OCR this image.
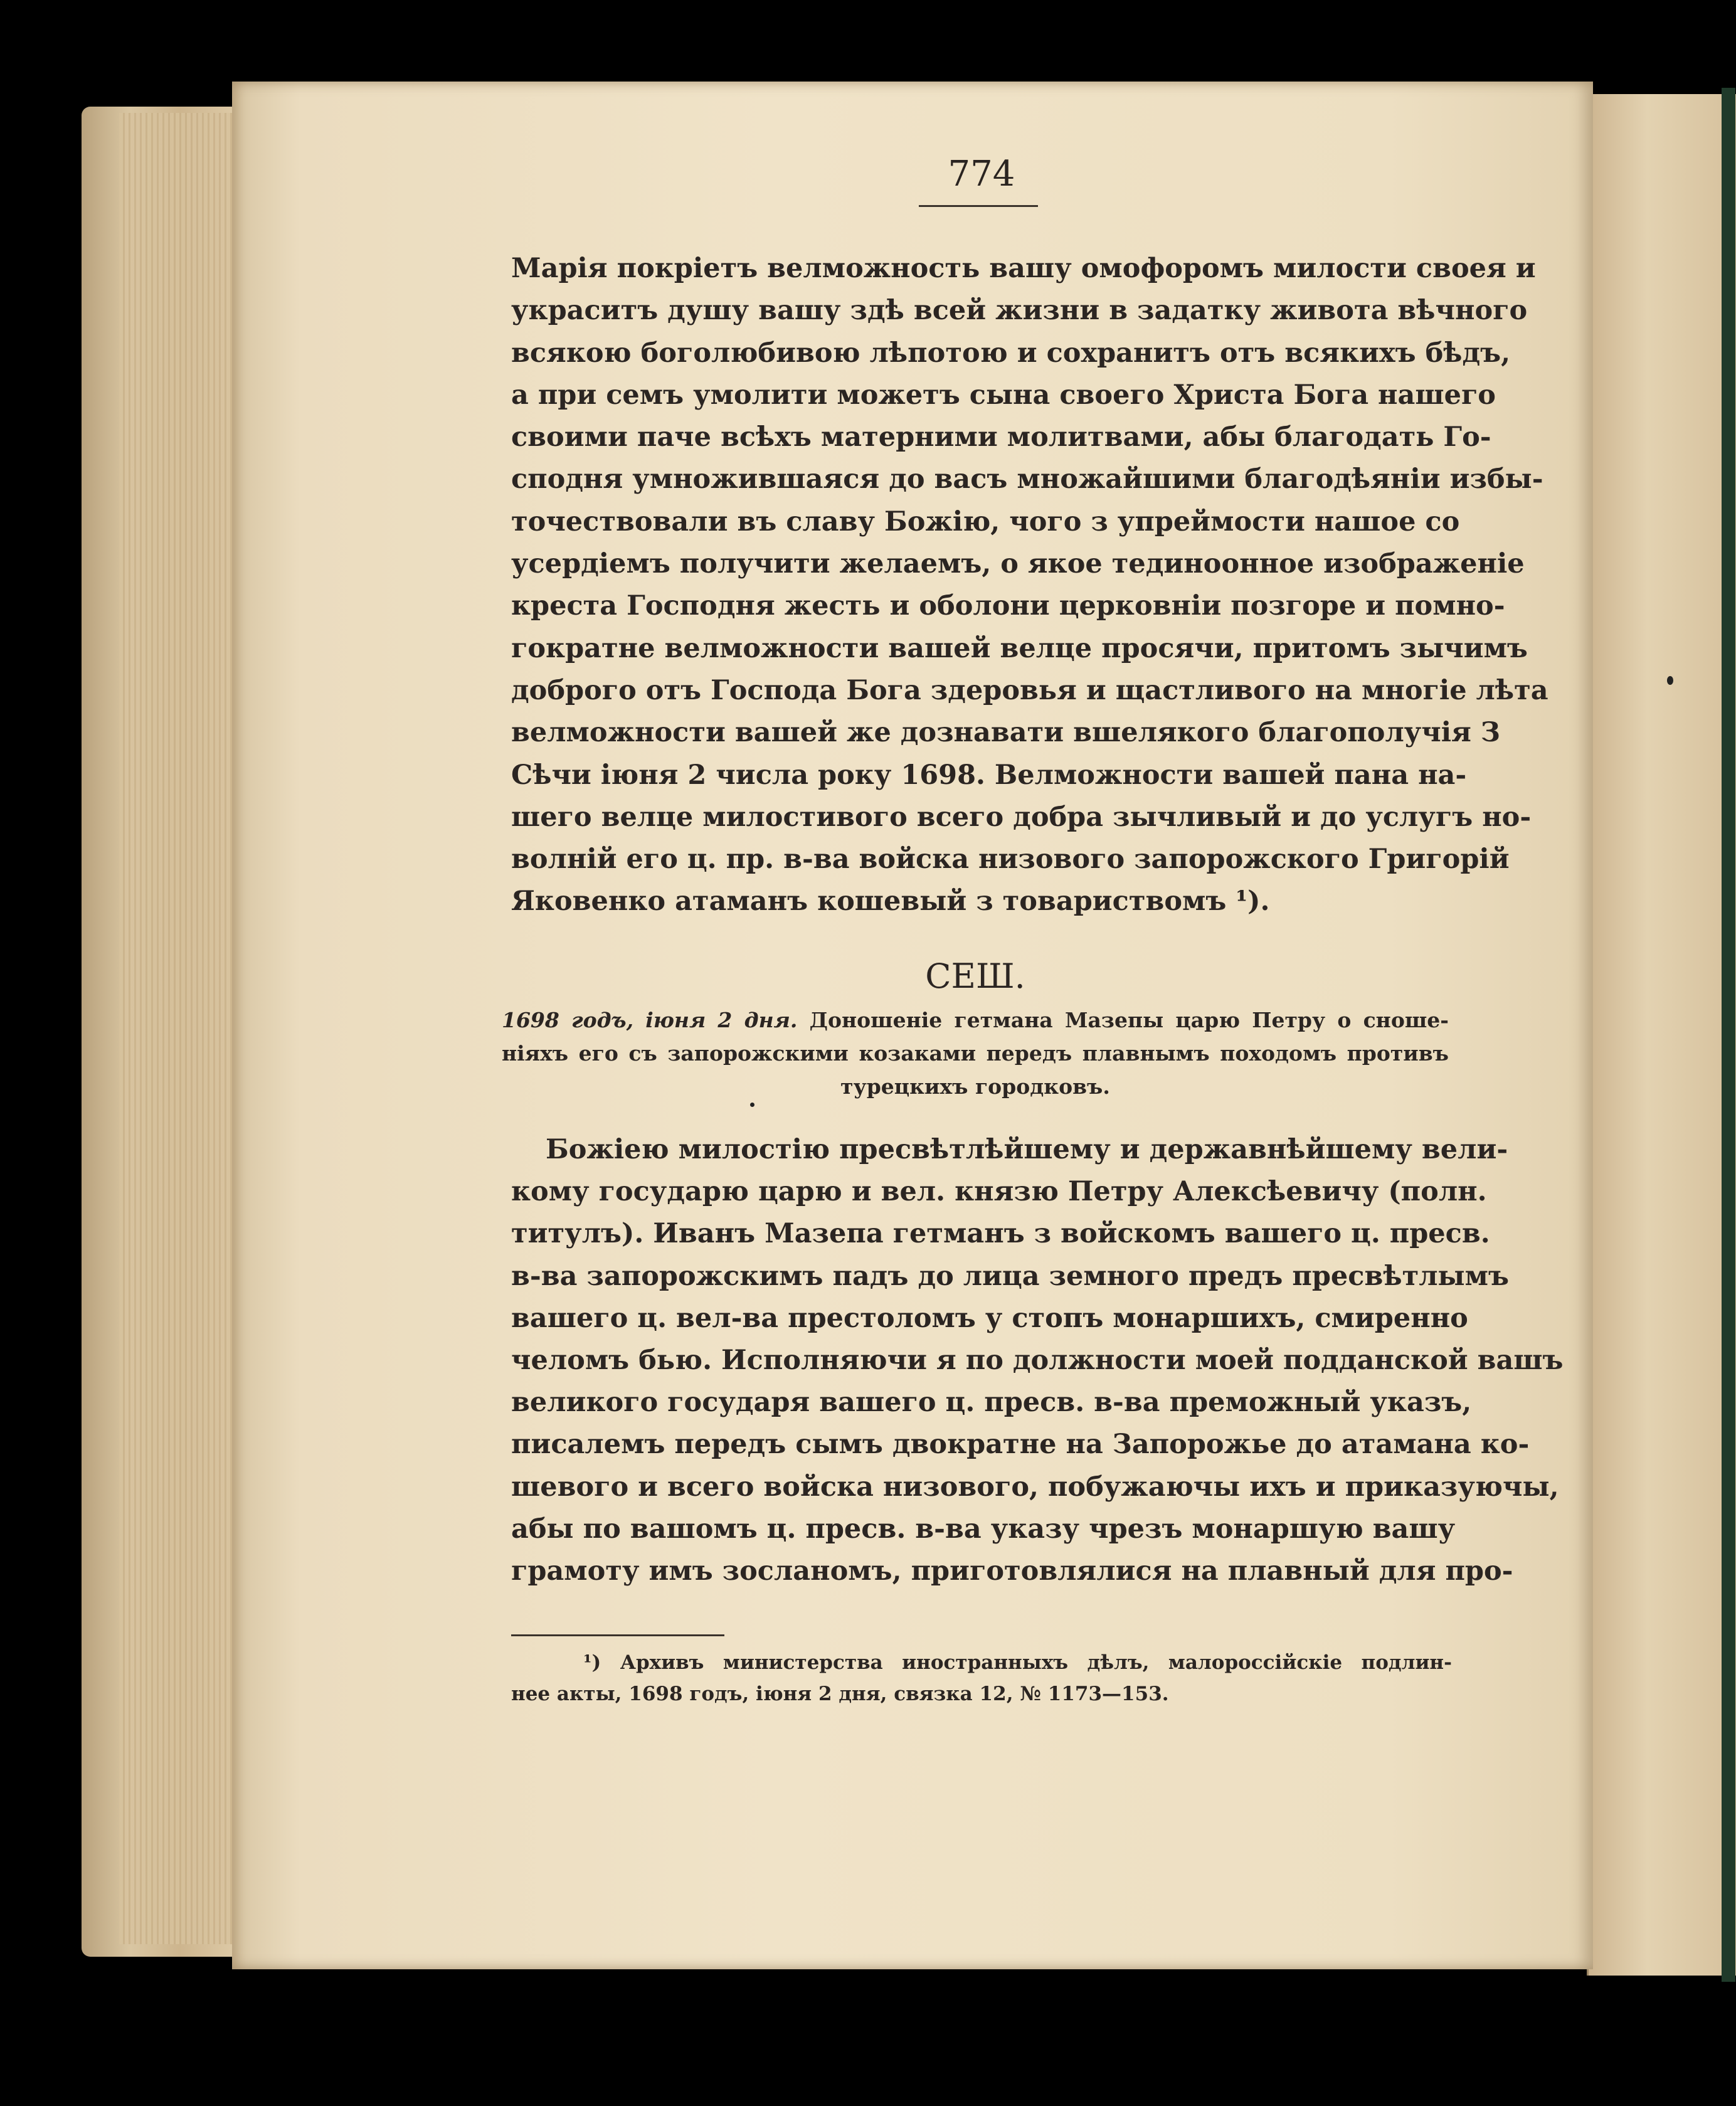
774
Марія покріетъ велможность вашу омофоромъ милости своея и
украситъ душу вашу здѣ всей жизни в задатку живота вѣчного
всякою боголюбивою лѣпотою и сохранитъ отъ всякихъ бѣдъ,
а при семъ умолити можетъ сына своего Христа Бога нашего
своими паче всѣхъ матерними молитвами, абы благодать Го-
сподня умножившаяся до васъ множайшими благодѣяніи избы-
точествовали въ славу Божію, чого з упреймости нашое со
усердіемъ получити желаемъ, о якое тединоонное изображеніе
креста Господня жесть и оболони церковніи позгоре и помно-
гократне велможности вашей велце просячи, притомъ зычимъ
доброго отъ Господа Бога здеровья и щастливого на многіе лѣта
велможности вашей же дознавати вшелякого благополучія З
Сѣчи іюня 2 числа року 1698. Велможности вашей пана на-
шего велце милостивого всего добра зычливый и до услугъ но-
волній его ц. пр. в-ва войска низового запорожского Григорій
Яковенко атаманъ кошевый з товариствомъ ¹).
СЕШ.
1698 годъ, іюня 2 дня. Доношеніе гетмана Мазепы царю Петру о сноше-
ніяхъ его съ запорожскими козаками передъ плавнымъ походомъ противъ
турецкихъ городковъ.
Божіею милостію пресвѣтлѣйшему и державнѣйшему вели-
кому государю царю и вел. князю Петру Алексѣевичу (полн.
титулъ). Иванъ Мазепа гетманъ з войскомъ вашего ц. пресв.
в-ва запорожскимъ падъ до лица земного предъ пресвѣтлымъ
вашего ц. вел-ва престоломъ у стопъ монаршихъ, смиренно
челомъ бью. Исполняючи я по должности моей подданской вашъ
великого государя вашего ц. пресв. в-ва преможный указъ,
писалемъ передъ сымъ двократне на Запорожье до атамана ко-
шевого и всего войска низового, побужаючы ихъ и приказуючы,
абы по вашомъ ц. пресв. в-ва указу чрезъ монаршую вашу
грамоту имъ зосланомъ, приготовлялися на плавный для про-
¹) Архивъ министерства иностранныхъ дѣлъ, малороссійскіе подлин-
нее акты, 1698 годъ, іюня 2 дня, связка 12, № 1173—153.
